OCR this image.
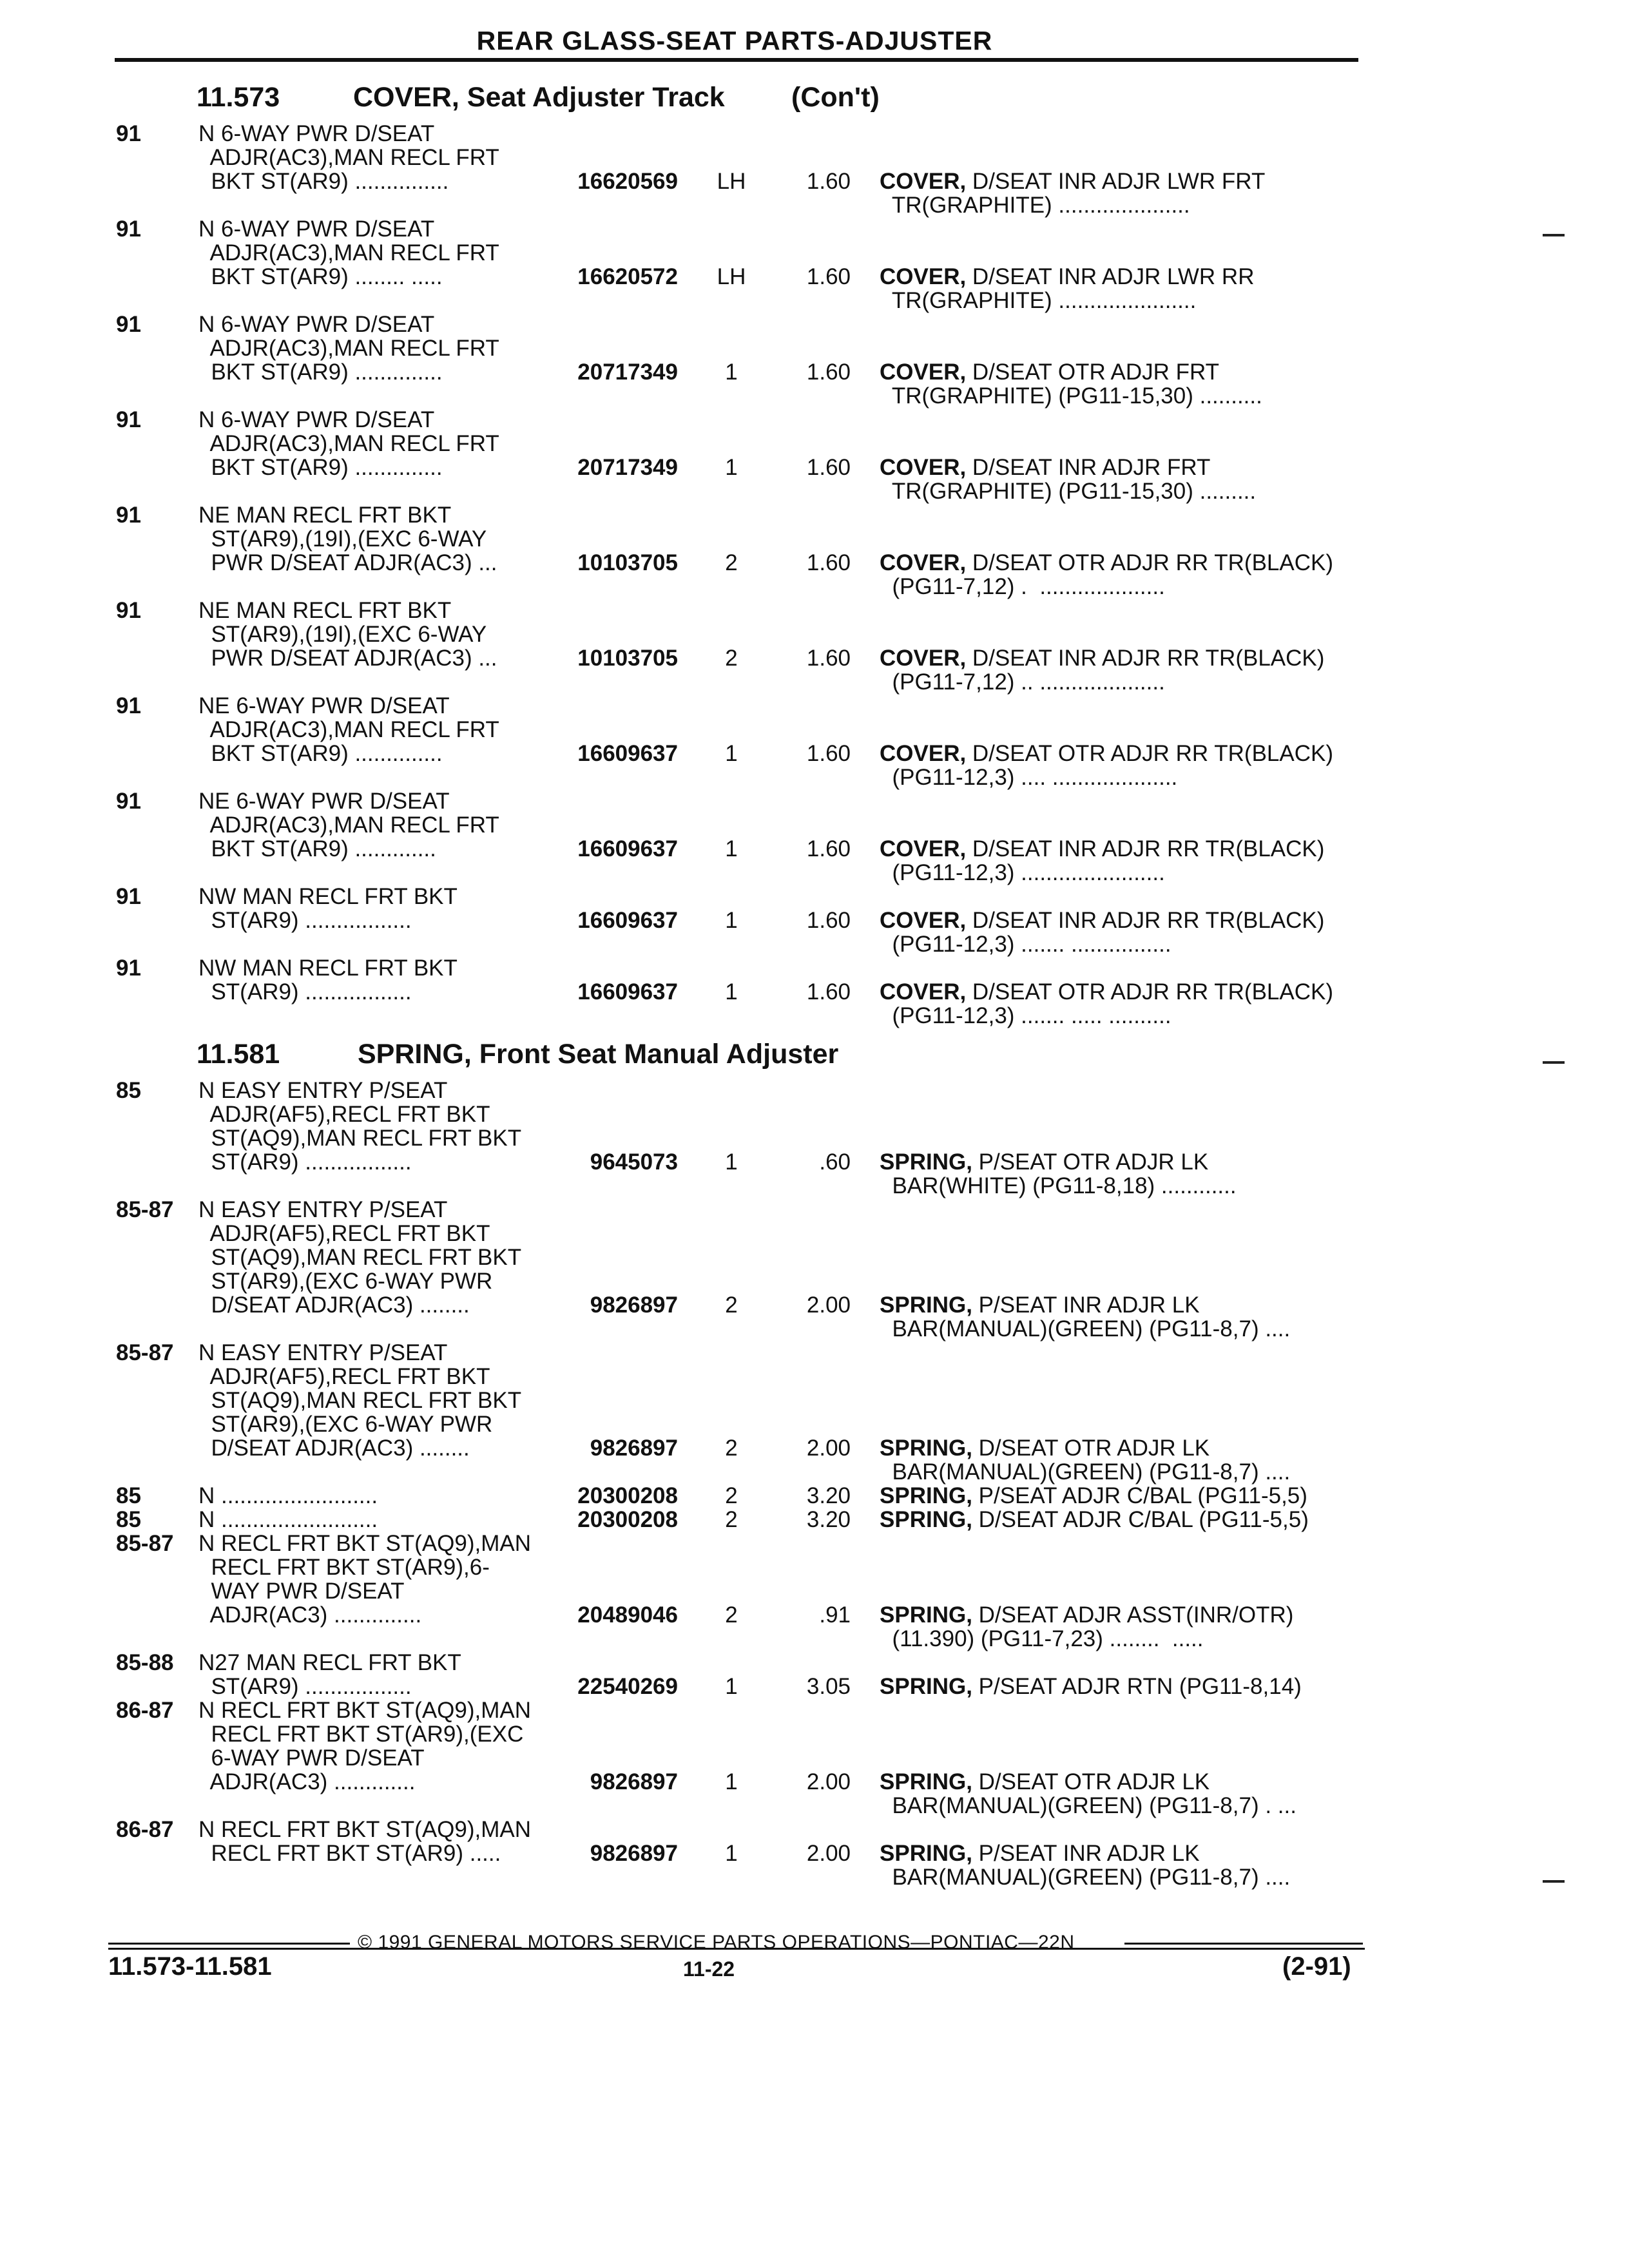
REAR GLASS-SEAT PARTS-ADJUSTER
11.573	COVER, Seat Adjuster Track (Con't)
91	N 6-WAY PWR D/SEAT
ADJR(AC3),MAN RECL FRT
BKT ST(AR9) ...............	16620569	LH	1.60 COVER, D/SEAT INR ADJR LWR FRT
TR(GRAPHITE) .....................
91	N 6-WAY PWR D/SEAT
ADJR(AC3),MAN RECL FRT
BKT ST(AR9) ........ .....	16620572	LH	1.60 COVER, D/SEAT INR ADJR LWR RR
TR(GRAPHITE) ......................
91	N 6-WAY PWR D/SEAT
ADJR(AC3),MAN RECL FRT
BKT ST(AR9) ..............	20717349	1	1.60 COVER, D/SEAT OTR ADJR FRT
TR(GRAPHITE) (PG11-15,30) ..........
91	N 6-WAY PWR D/SEAT
ADJR(AC3),MAN RECL FRT
BKT ST(AR9) ..............	20717349	1	1.60 COVER, D/SEAT INR ADJR FRT
TR(GRAPHITE) (PG11-15,30) .........
91	NE MAN RECL FRT BKT
ST(AR9),(19I),(EXC 6-WAY
PWR D/SEAT ADJR(AC3) ...	10103705	2	1.60 COVER, D/SEAT OTR ADJR RR TR(BLACK)
(PG11-7,12) .  ....................
91	NE MAN RECL FRT BKT
ST(AR9),(19I),(EXC 6-WAY
PWR D/SEAT ADJR(AC3) ...	10103705	2	1.60 COVER, D/SEAT INR ADJR RR TR(BLACK)
(PG11-7,12) .. ....................
91	NE 6-WAY PWR D/SEAT
ADJR(AC3),MAN RECL FRT
BKT ST(AR9) ..............	16609637	1	1.60 COVER, D/SEAT OTR ADJR RR TR(BLACK)
(PG11-12,3) .... ....................
91	NE 6-WAY PWR D/SEAT
ADJR(AC3),MAN RECL FRT
BKT ST(AR9) .............	16609637	1	1.60 COVER, D/SEAT INR ADJR RR TR(BLACK)
(PG11-12,3) .......................
91	NW MAN RECL FRT BKT
ST(AR9) .................	16609637	1	1.60 COVER, D/SEAT INR ADJR RR TR(BLACK)
(PG11-12,3) ....... ................
91	NW MAN RECL FRT BKT
ST(AR9) .................	16609637	1	1.60 COVER, D/SEAT OTR ADJR RR TR(BLACK)
(PG11-12,3) ....... ..... ..........
11.581	SPRING, Front Seat Manual Adjuster
85	N EASY ENTRY P/SEAT
ADJR(AF5),RECL FRT BKT
ST(AQ9),MAN RECL FRT BKT
ST(AR9) .................	9645073	1	.60 SPRING, P/SEAT OTR ADJR LK
BAR(WHITE) (PG11-8,18) ............
85-87 N EASY ENTRY P/SEAT
ADJR(AF5),RECL FRT BKT
ST(AQ9),MAN RECL FRT BKT
ST(AR9),(EXC 6-WAY PWR
D/SEAT ADJR(AC3) ........	9826897	2	2.00 SPRING, P/SEAT INR ADJR LK
BAR(MANUAL)(GREEN) (PG11-8,7) ....
85-87 N EASY ENTRY P/SEAT
ADJR(AF5),RECL FRT BKT
ST(AQ9),MAN RECL FRT BKT
ST(AR9),(EXC 6-WAY PWR
D/SEAT ADJR(AC3) ........	9826897	2	2.00 SPRING, D/SEAT OTR ADJR LK
BAR(MANUAL)(GREEN) (PG11-8,7) ....
85	N .........................	20300208	2	3.20 SPRING, P/SEAT ADJR C/BAL (PG11-5,5)
85	N .........................	20300208	2	3.20 SPRING, D/SEAT ADJR C/BAL (PG11-5,5)
85-87 N RECL FRT BKT ST(AQ9),MAN
RECL FRT BKT ST(AR9),6-
WAY PWR D/SEAT
ADJR(AC3) ..............	20489046	2	.91 SPRING, D/SEAT ADJR ASST(INR/OTR)
(11.390) (PG11-7,23) ........  .....
85-88 N27 MAN RECL FRT BKT
ST(AR9) .................	22540269	1	3.05 SPRING, P/SEAT ADJR RTN (PG11-8,14)
86-87 N RECL FRT BKT ST(AQ9),MAN
RECL FRT BKT ST(AR9),(EXC
6-WAY PWR D/SEAT
ADJR(AC3) .............	9826897	1	2.00 SPRING, D/SEAT OTR ADJR LK
BAR(MANUAL)(GREEN) (PG11-8,7) . ...
86-87 N RECL FRT BKT ST(AQ9),MAN
RECL FRT BKT ST(AR9) .....	9826897	1	2.00 SPRING, P/SEAT INR ADJR LK
BAR(MANUAL)(GREEN) (PG11-8,7) ....
© 1991 GENERAL MOTORS SERVICE PARTS OPERATIONS—PONTIAC—22N
11.573-11.581	11-22	(2-91)
